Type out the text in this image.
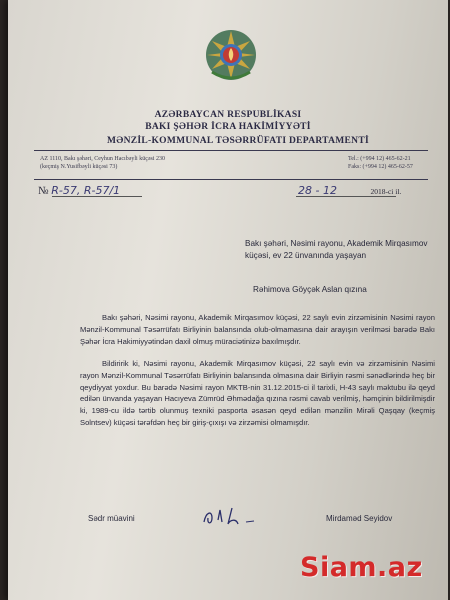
AZƏRBAYCAN RESPUBLİKASI
BAKI ŞƏHƏR İCRA HAKİMİYYƏTİ
MƏNZİL-KOMMUNAL TƏSƏRRÜFATI DEPARTAMENTİ
AZ 1110, Bakı şəhəri, Ceyhun Hacıbəyli küçəsi 230
(keçmiş N.Yusifbəyli küçəsi 73)
Tel.: (+994 12) 465-62-21
Faks: (+994 12) 465-62-57
№ R-57, R-57/1	28 - 12	2018-ci il.
Bakı şəhəri, Nəsimi rayonu, Akademik Mirqasımov küçəsi, ev 22 ünvanında yaşayan
Rəhimova Göyçək Aslan qızına

Bakı şəhəri, Nəsimi rayonu, Akademik Mirqasımov küçəsi, 22 saylı evin zirzəmisinin Nəsimi rayon Mənzil-Kommunal Təsərrüfatı Birliyinin balansında olub-olmamasına dair arayışın verilməsi barədə Bakı Şəhər İcra Hakimiyyətindən daxil olmuş müraciətinizə baxılmışdır.

Bildiririk ki, Nəsimi rayonu, Akademik Mirqasımov küçəsi, 22 saylı evin və zirzəmisinin Nəsimi rayon Mənzil-Kommunal Təsərrüfatı Birliyinin balansında olmasına dair Birliyin rəsmi sənədlərində heç bir qeydiyyat yoxdur. Bu barədə Nəsimi rayon MKTB-nin 31.12.2015-ci il tarixli, H-43 saylı məktubu ilə qeyd edilən ünvanda yaşayan Hacıyeva Zümrüd Əhmədağa qızına rəsmi cavab verilmiş, həmçinin bildirilmişdir ki, 1989-cu ildə tərtib olunmuş texniki pasporta əsasən qeyd edilən mənzilin Mirəli Qaşqay (keçmiş Solntsev) küçəsi tərəfdən heç bir giriş-çıxışı və zirzəmisi olmamışdır.

Sədr müavini	Mirdaməd Seyidov
Siam.az
